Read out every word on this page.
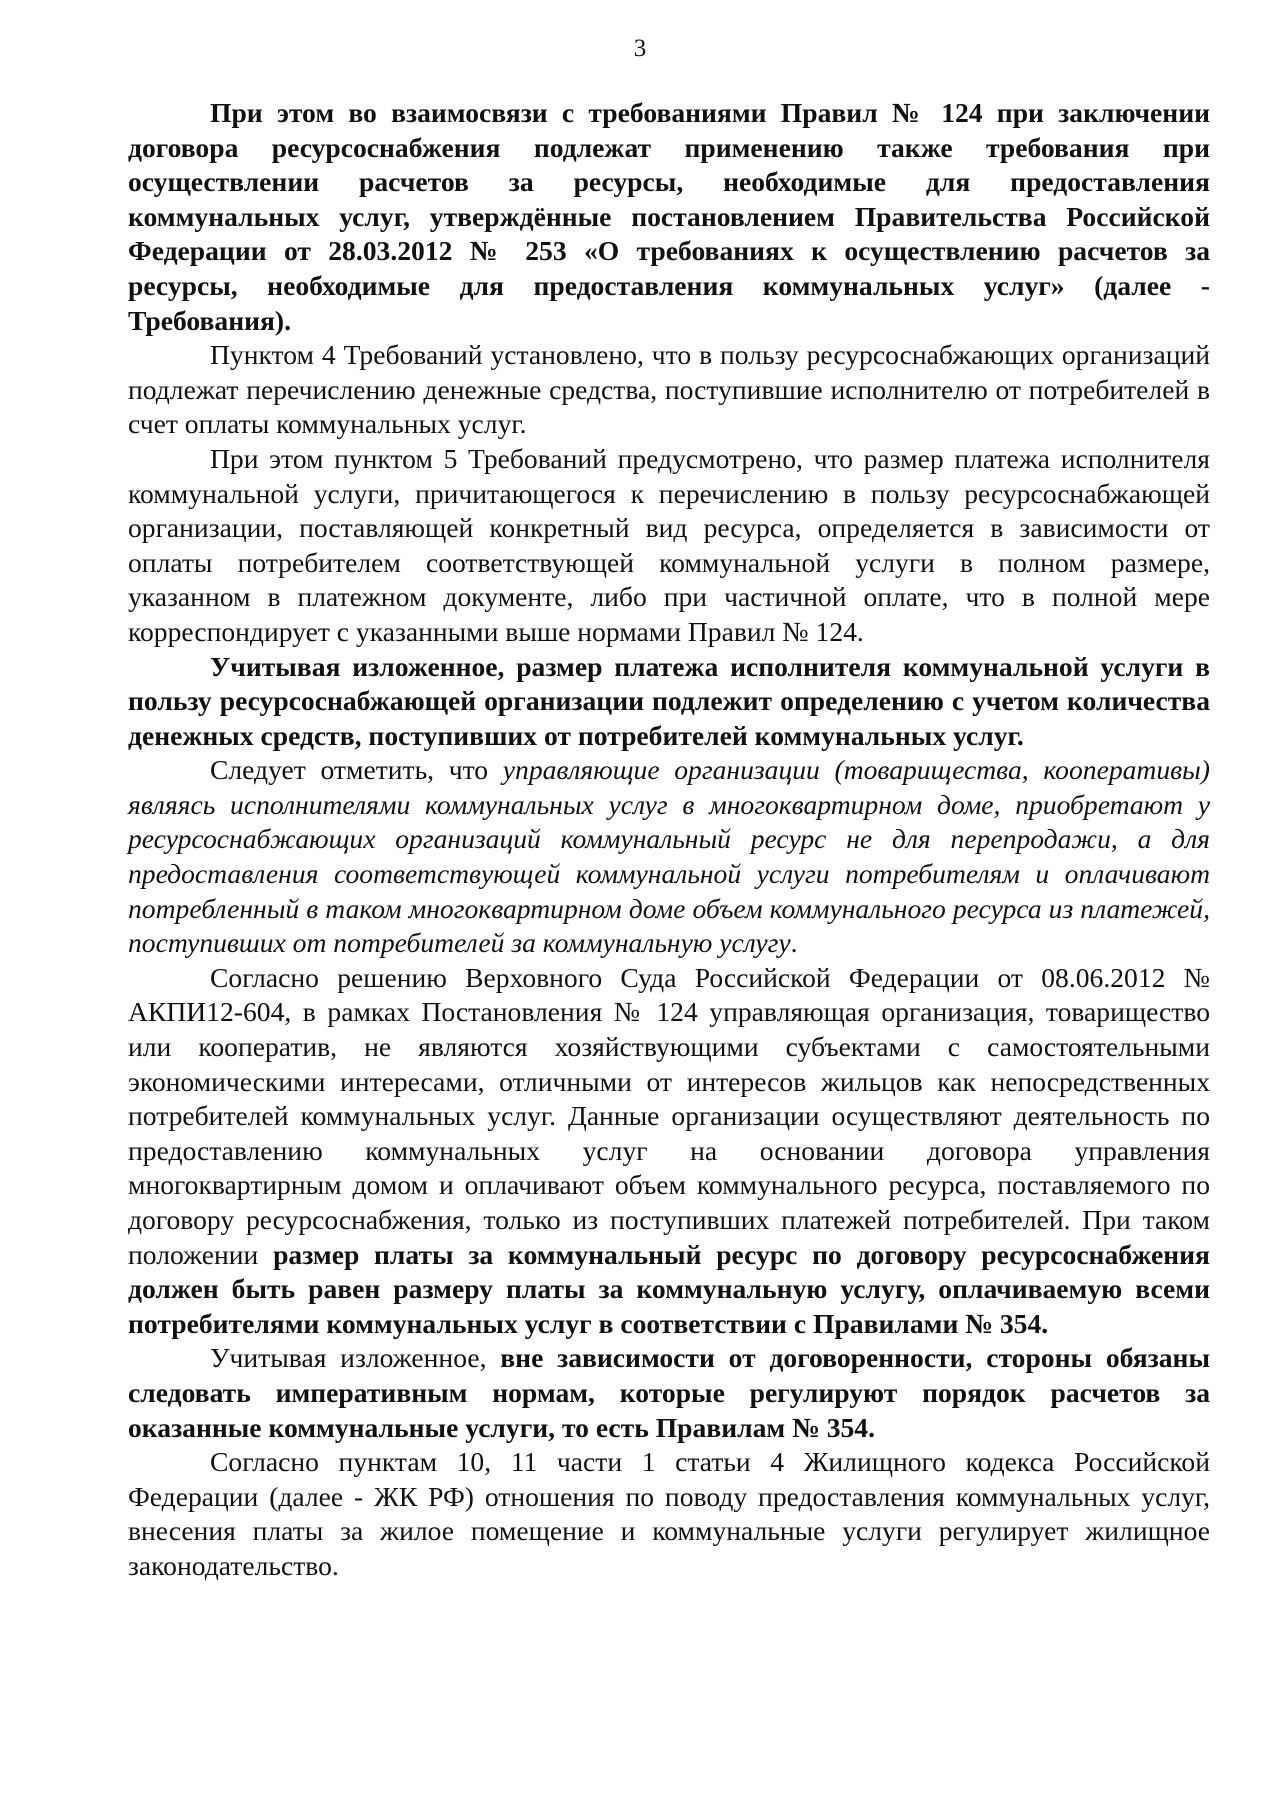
3

При этом во взаимосвязи с требованиями Правил № 124 при заключении договора ресурсоснабжения подлежат применению также требования при осуществлении расчетов за ресурсы, необходимые для предоставления коммунальных услуг, утверждённые постановлением Правительства Российской Федерации от 28.03.2012 № 253 «О требованиях к осуществлению расчетов за ресурсы, необходимые для предоставления коммунальных услуг» (далее - Требования).

Пунктом 4 Требований установлено, что в пользу ресурсоснабжающих организаций подлежат перечислению денежные средства, поступившие исполнителю от потребителей в счет оплаты коммунальных услуг.

При этом пунктом 5 Требований предусмотрено, что размер платежа исполнителя коммунальной услуги, причитающегося к перечислению в пользу ресурсоснабжающей организации, поставляющей конкретный вид ресурса, определяется в зависимости от оплаты потребителем соответствующей коммунальной услуги в полном размере, указанном в платежном документе, либо при частичной оплате, что в полной мере корреспондирует с указанными выше нормами Правил № 124.

Учитывая изложенное, размер платежа исполнителя коммунальной услуги в пользу ресурсоснабжающей организации подлежит определению с учетом количества денежных средств, поступивших от потребителей коммунальных услуг.

Следует отметить, что управляющие организации (товарищества, кооперативы) являясь исполнителями коммунальных услуг в многоквартирном доме, приобретают у ресурсоснабжающих организаций коммунальный ресурс не для перепродажи, а для предоставления соответствующей коммунальной услуги потребителям и оплачивают потребленный в таком многоквартирном доме объем коммунального ресурса из платежей, поступивших от потребителей за коммунальную услугу.

Согласно решению Верховного Суда Российской Федерации от 08.06.2012 № АКПИ12-604, в рамках Постановления № 124 управляющая организация, товарищество или кооператив, не являются хозяйствующими субъектами с самостоятельными экономическими интересами, отличными от интересов жильцов как непосредственных потребителей коммунальных услуг. Данные организации осуществляют деятельность по предоставлению коммунальных услуг на основании договора управления многоквартирным домом и оплачивают объем коммунального ресурса, поставляемого по договору ресурсоснабжения, только из поступивших платежей потребителей. При таком положении размер платы за коммунальный ресурс по договору ресурсоснабжения должен быть равен размеру платы за коммунальную услугу, оплачиваемую всеми потребителями коммунальных услуг в соответствии с Правилами № 354.

Учитывая изложенное, вне зависимости от договоренности, стороны обязаны следовать императивным нормам, которые регулируют порядок расчетов за оказанные коммунальные услуги, то есть Правилам № 354.

Согласно пунктам 10, 11 части 1 статьи 4 Жилищного кодекса Российской Федерации (далее - ЖК РФ) отношения по поводу предоставления коммунальных услуг, внесения платы за жилое помещение и коммунальные услуги регулирует жилищное законодательство.
